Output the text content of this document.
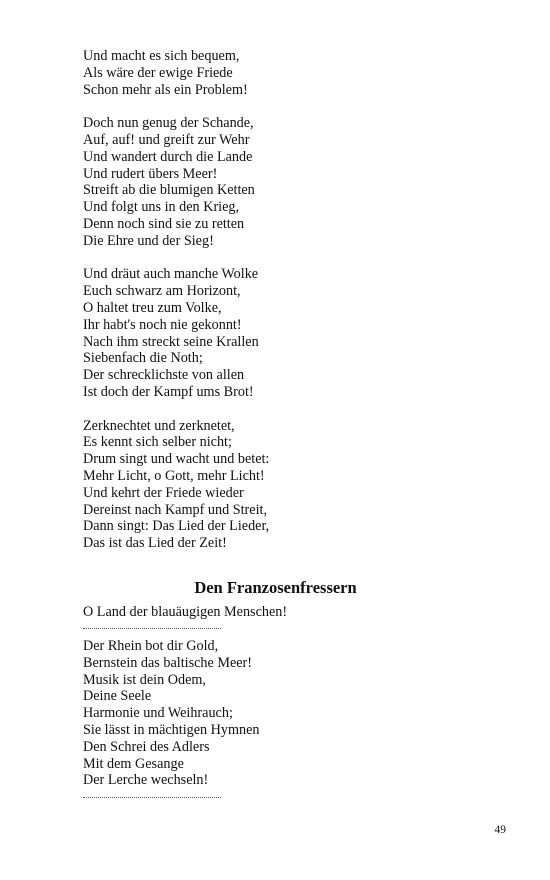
Und macht es sich bequem,
Als wäre der ewige Friede
Schon mehr als ein Problem!
Doch nun genug der Schande,
Auf, auf! und greift zur Wehr
Und wandert durch die Lande
Und rudert übers Meer!
Streift ab die blumigen Ketten
Und folgt uns in den Krieg,
Denn noch sind sie zu retten
Die Ehre und der Sieg!
Und dräut auch manche Wolke
Euch schwarz am Horizont,
O haltet treu zum Volke,
Ihr habt's noch nie gekonnt!
Nach ihm streckt seine Krallen
Siebenfach die Noth;
Der schrecklichste von allen
Ist doch der Kampf ums Brot!
Zerknechtet und zerknetet,
Es kennt sich selber nicht;
Drum singt und wacht und betet:
Mehr Licht, o Gott, mehr Licht!
Und kehrt der Friede wieder
Dereinst nach Kampf und Streit,
Dann singt: Das Lied der Lieder,
Das ist das Lied der Zeit!
Den Franzosenfressern
O Land der blauäugigen Menschen!
Der Rhein bot dir Gold,
Bernstein das baltische Meer!
Musik ist dein Odem,
Deine Seele
Harmonie und Weihrauch;
Sie lässt in mächtigen Hymnen
Den Schrei des Adlers
Mit dem Gesange
Der Lerche wechseln!
49
